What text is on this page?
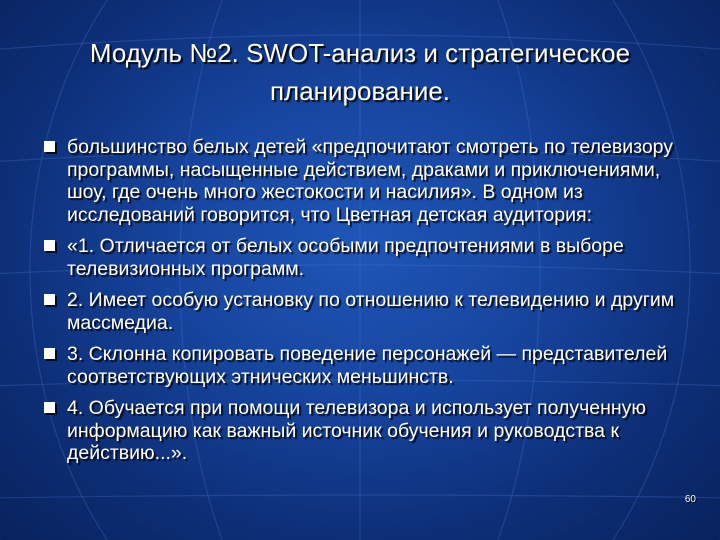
Модуль №2. SWOT-анализ и стратегическое
планирование.
большинство белых детей «предпочитают смотреть по телевизору программы, насыщенные действием, драками и приключениями, шоу, где очень много жестокости и насилия». В одном из исследований говорится, что Цветная детская аудитория:
«1. Отличается от белых особыми предпочтениями в выборе телевизионных программ.
2. Имеет особую установку по отношению к телевидению и другим массмедиа.
3. Склонна копировать поведение персонажей — представителей соответствующих этнических меньшинств.
4. Обучается при помощи телевизора и использует полученную информацию как важный источник обучения и руководства к действию...».
60
